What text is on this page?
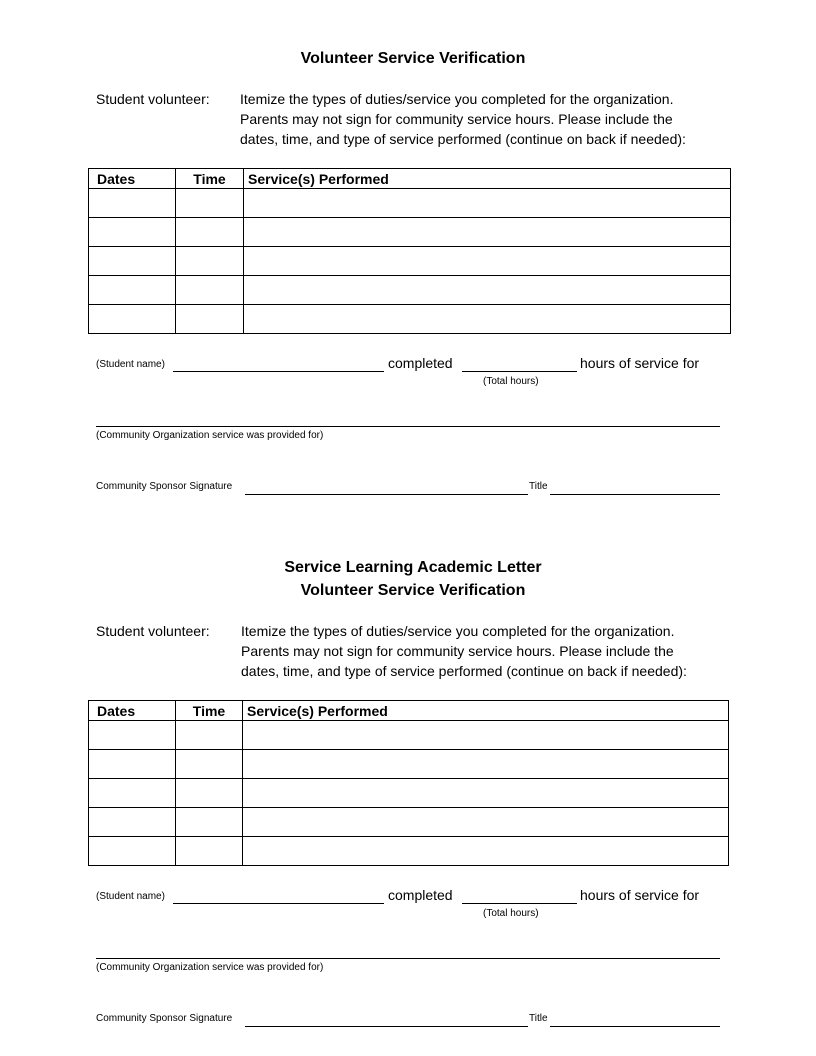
Volunteer Service Verification
Student volunteer: Itemize the types of duties/service you completed for the organization.
Parents may not sign for community service hours. Please include the
dates, time, and type of service performed (continue on back if needed):
Dates	Time	Service(s) Performed

(Student name)	completed	hours of service for
(Total hours)
(Community Organization service was provided for)
Community Sponsor Signature	Title
Service Learning Academic Letter
Volunteer Service Verification
Student volunteer: Itemize the types of duties/service you completed for the organization.
Parents may not sign for community service hours. Please include the
dates, time, and type of service performed (continue on back if needed):
Dates	Time	Service(s) Performed

(Student name)	completed	hours of service for
(Total hours)
(Community Organization service was provided for)
Community Sponsor Signature	Title
